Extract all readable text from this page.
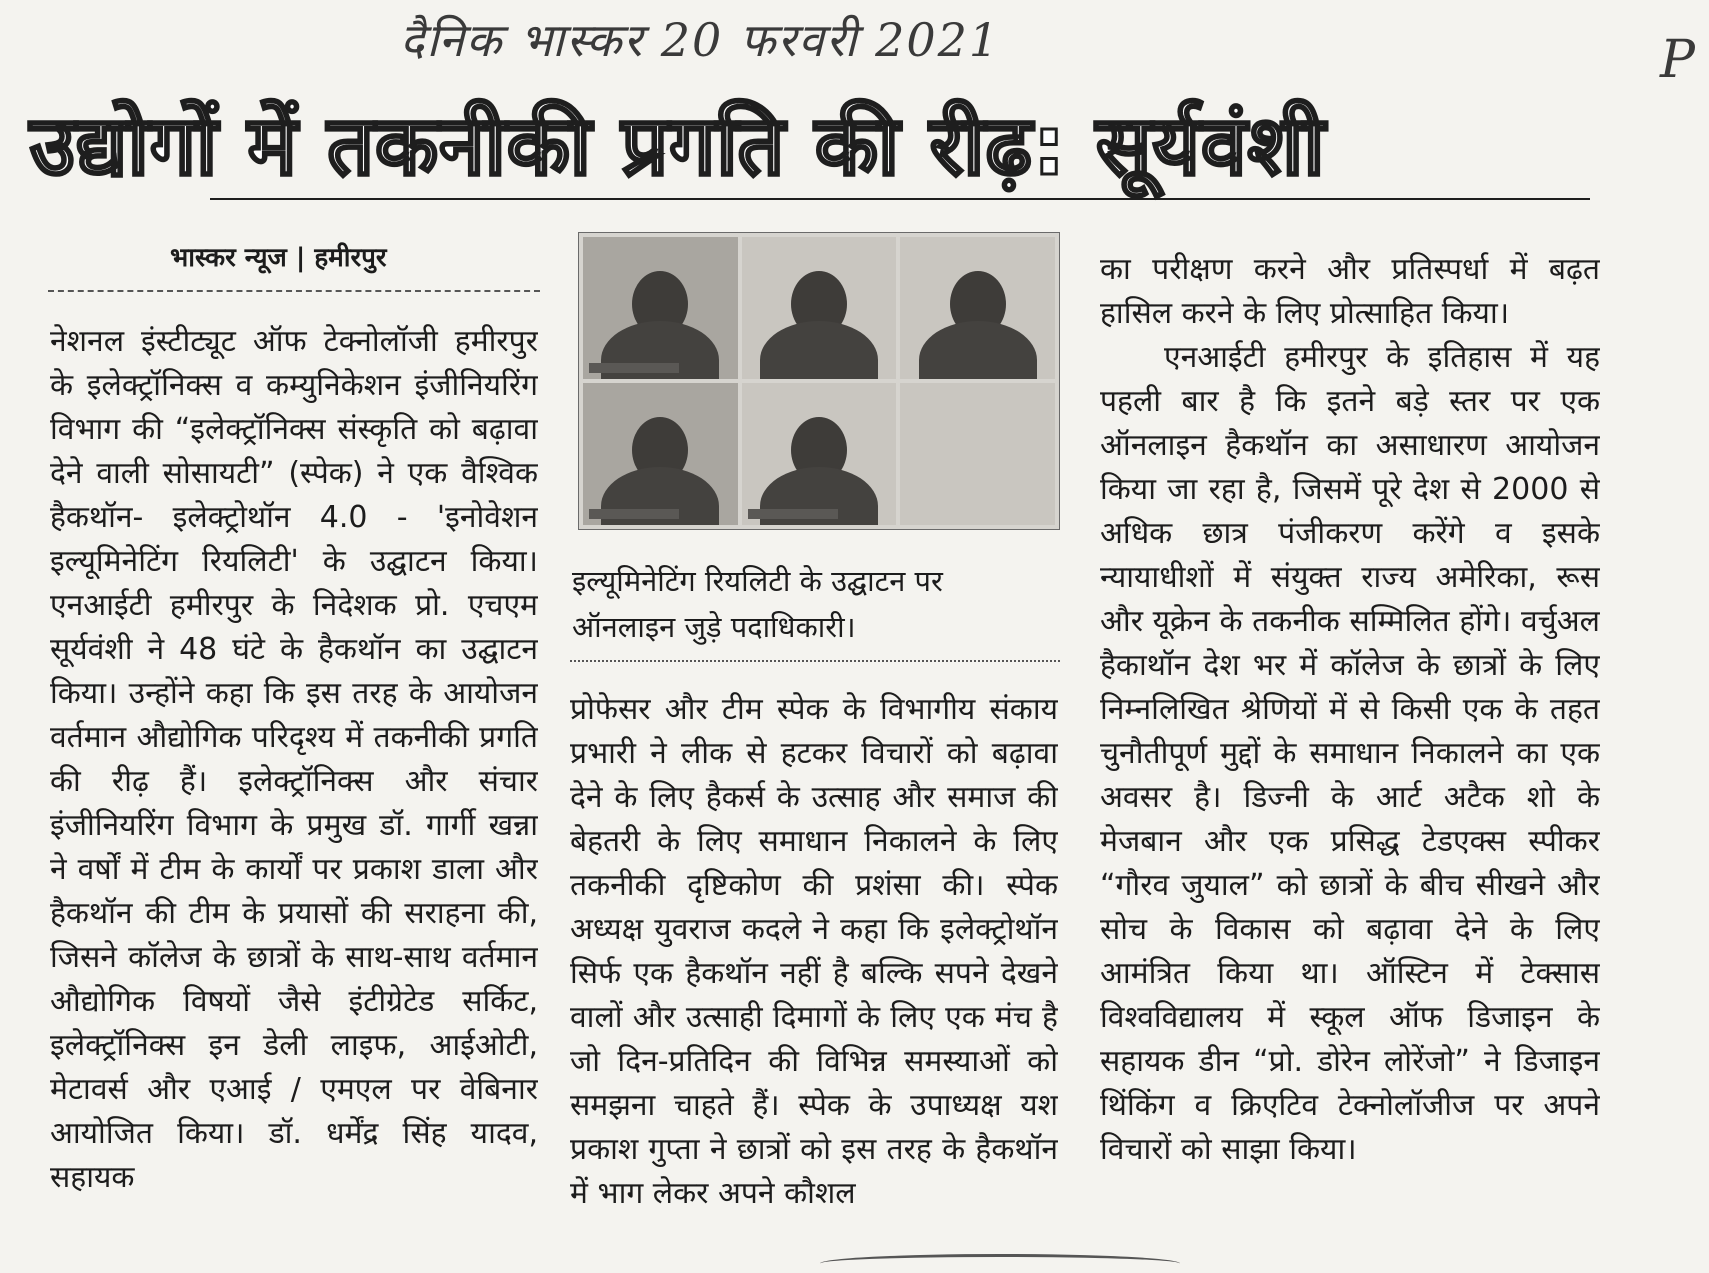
दैनिक भास्कर 20 फरवरी 2021	P
उद्योगों में तकनीकी प्रगति की रीढ़: सूर्यवंशी
भास्कर न्यूज | हमीरपुर
नेशनल इंस्टीट्यूट ऑफ टेक्नोलॉजी हमीरपुर के इलेक्ट्रॉनिक्स व कम्युनिकेशन इंजीनियरिंग विभाग की “इलेक्ट्रॉनिक्स संस्कृति को बढ़ावा देने वाली सोसायटी” (स्पेक) ने एक वैश्विक हैकथॉन- इलेक्ट्रोथॉन 4.0 - 'इनोवेशन इल्यूमिनेटिंग रियलिटी' के उद्घाटन किया। एनआईटी हमीरपुर के निदेशक प्रो. एचएम सूर्यवंशी ने 48 घंटे के हैकथॉन का उद्घाटन किया। उन्होंने कहा कि इस तरह के आयोजन वर्तमान औद्योगिक परिदृश्य में तकनीकी प्रगति की रीढ़ हैं। इलेक्ट्रॉनिक्स और संचार इंजीनियरिंग विभाग के प्रमुख डॉ. गार्गी खन्ना ने वर्षों में टीम के कार्यों पर प्रकाश डाला और हैकथॉन की टीम के प्रयासों की सराहना की, जिसने कॉलेज के छात्रों के साथ-साथ वर्तमान औद्योगिक विषयों जैसे इंटीग्रेटेड सर्किट, इलेक्ट्रॉनिक्स इन डेली लाइफ, आईओटी, मेटावर्स और एआई / एमएल पर वेबिनार आयोजित किया। डॉ. धर्मेंद्र सिंह यादव, सहायक
इल्यूमिनेटिंग रियलिटी के उद्घाटन पर ऑनलाइन जुड़े पदाधिकारी।
प्रोफेसर और टीम स्पेक के विभागीय संकाय प्रभारी ने लीक से हटकर विचारों को बढ़ावा देने के लिए हैकर्स के उत्साह और समाज की बेहतरी के लिए समाधान निकालने के लिए तकनीकी दृष्टिकोण की प्रशंसा की। स्पेक अध्यक्ष युवराज कदले ने कहा कि इलेक्ट्रोथॉन सिर्फ एक हैकथॉन नहीं है बल्कि सपने देखने वालों और उत्साही दिमागों के लिए एक मंच है जो दिन-प्रतिदिन की विभिन्न समस्याओं को समझना चाहते हैं। स्पेक के उपाध्यक्ष यश प्रकाश गुप्ता ने छात्रों को इस तरह के हैकथॉन में भाग लेकर अपने कौशल
का परीक्षण करने और प्रतिस्पर्धा में बढ़त हासिल करने के लिए प्रोत्साहित किया।
एनआईटी हमीरपुर के इतिहास में यह पहली बार है कि इतने बड़े स्तर पर एक ऑनलाइन हैकथॉन का असाधारण आयोजन किया जा रहा है, जिसमें पूरे देश से 2000 से अधिक छात्र पंजीकरण करेंगे व इसके न्यायाधीशों में संयुक्त राज्य अमेरिका, रूस और यूक्रेन के तकनीक सम्मिलित होंगे। वर्चुअल हैकाथॉन देश भर में कॉलेज के छात्रों के लिए निम्नलिखित श्रेणियों में से किसी एक के तहत चुनौतीपूर्ण मुद्दों के समाधान निकालने का एक अवसर है। डिज्नी के आर्ट अटैक शो के मेजबान और एक प्रसिद्ध टेडएक्स स्पीकर “गौरव जुयाल” को छात्रों के बीच सीखने और सोच के विकास को बढ़ावा देने के लिए आमंत्रित किया था। ऑस्टिन में टेक्सास विश्वविद्यालय में स्कूल ऑफ डिजाइन के सहायक डीन “प्रो. डोरेन लोरेंजो” ने डिजाइन थिंकिंग व क्रिएटिव टेक्नोलॉजीज पर अपने विचारों को साझा किया।
